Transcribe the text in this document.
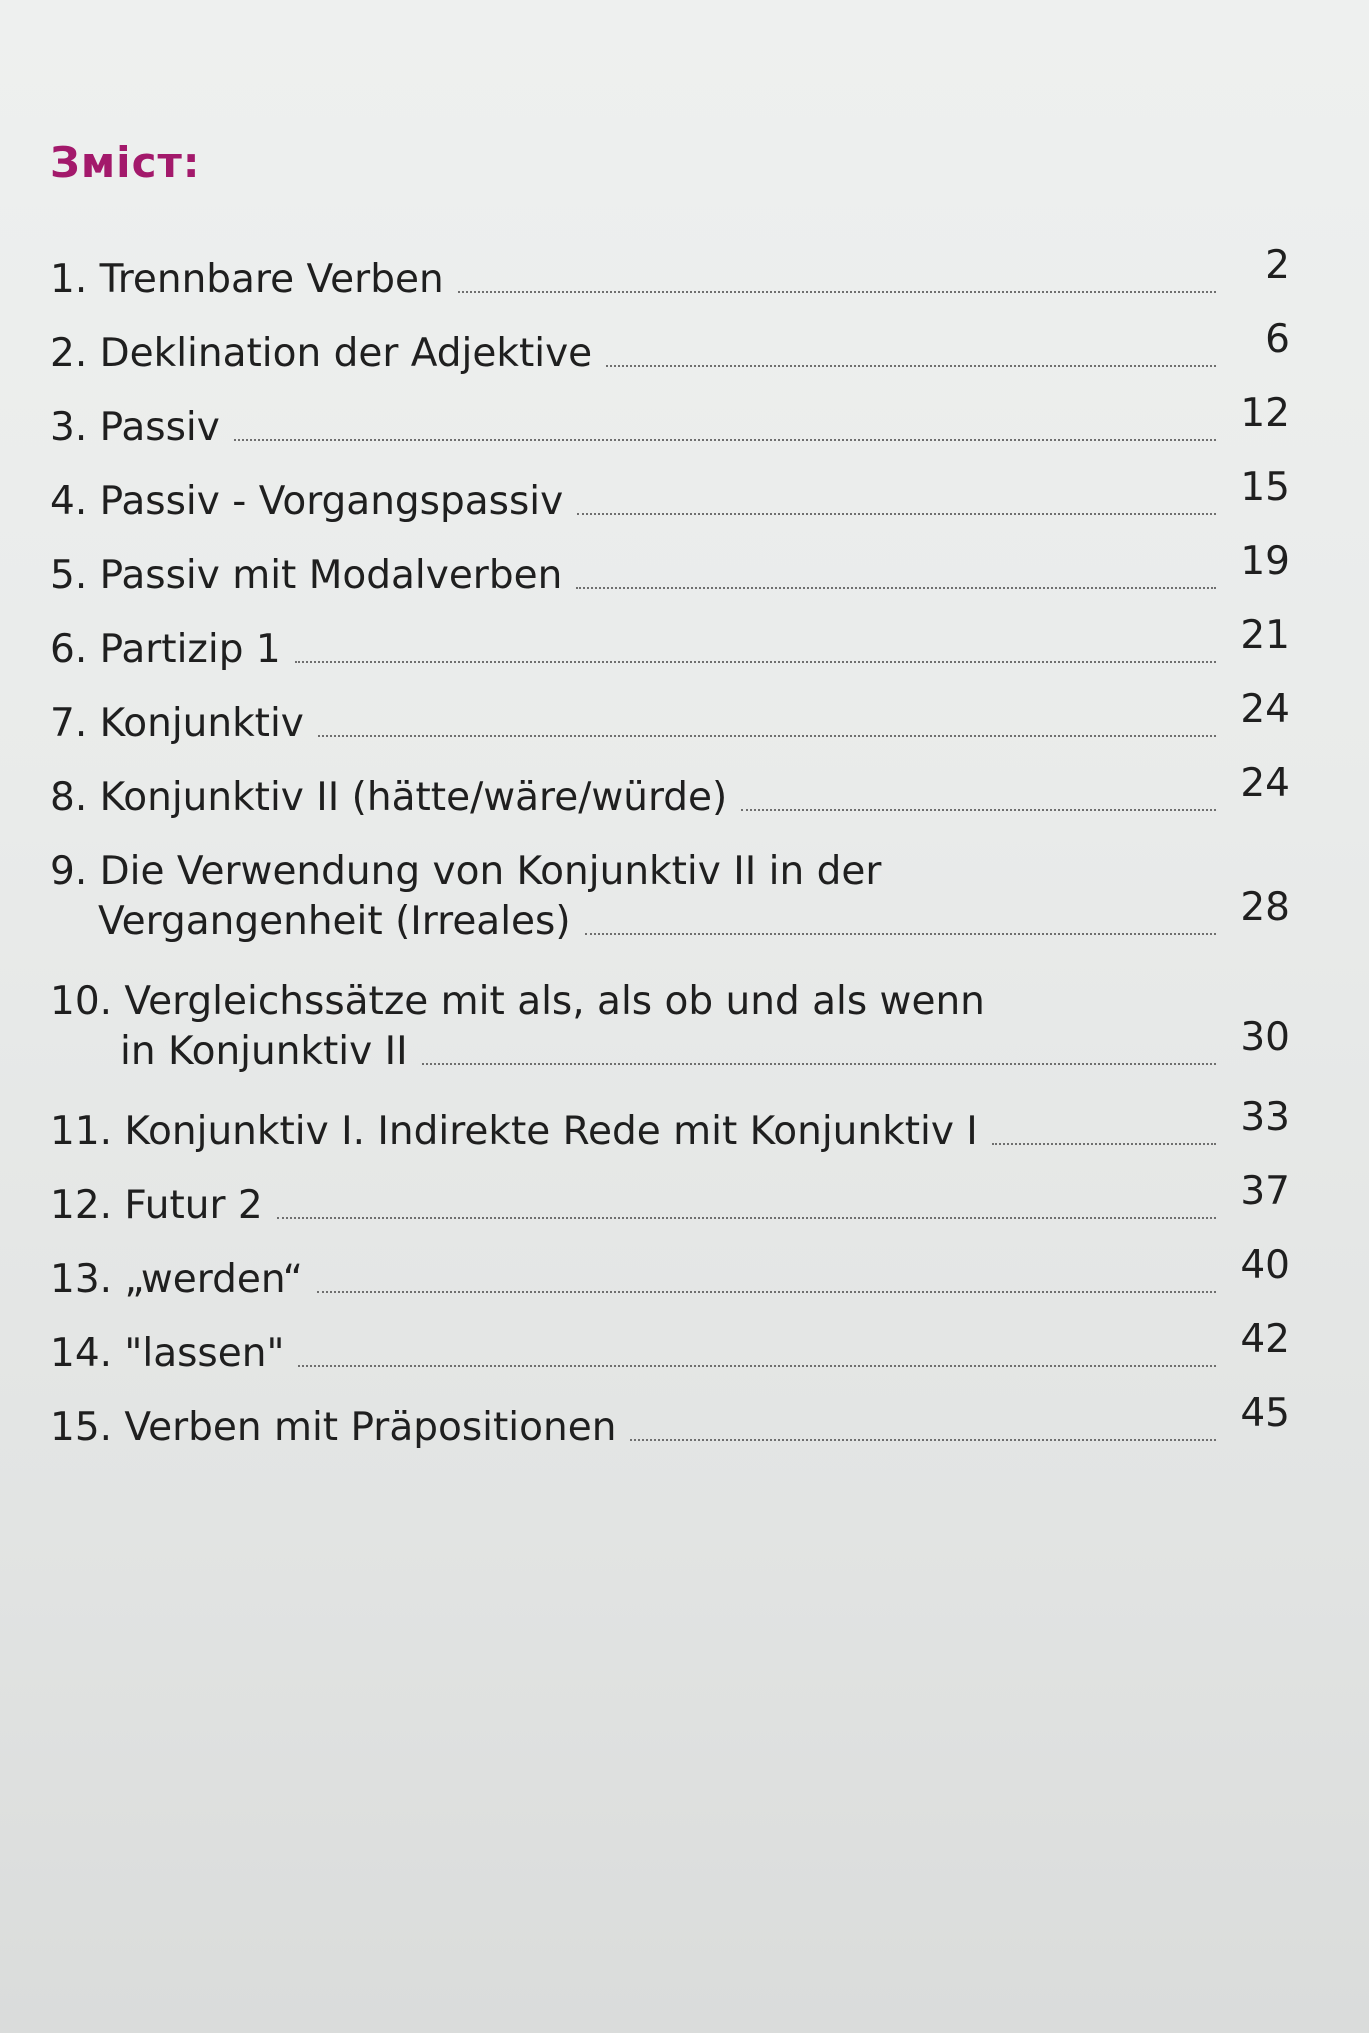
Зміст:
1. Trennbare Verben	2
2. Deklination der Adjektive	6
3. Passiv	12
4. Passiv - Vorgangspassiv	15
5. Passiv mit Modalverben	19
6. Partizip 1	21
7. Konjunktiv	24
8. Konjunktiv II (hätte/wäre/würde)	24
9. Die Verwendung von Konjunktiv II in der
Vergangenheit (Irreales)	28
10. Vergleichssätze mit als, als ob und als wenn
in Konjunktiv II	30
11. Konjunktiv I. Indirekte Rede mit Konjunktiv I	33
12. Futur 2	37
13. „werden“	40
14. "lassen"	42
15. Verben mit Präpositionen	45
